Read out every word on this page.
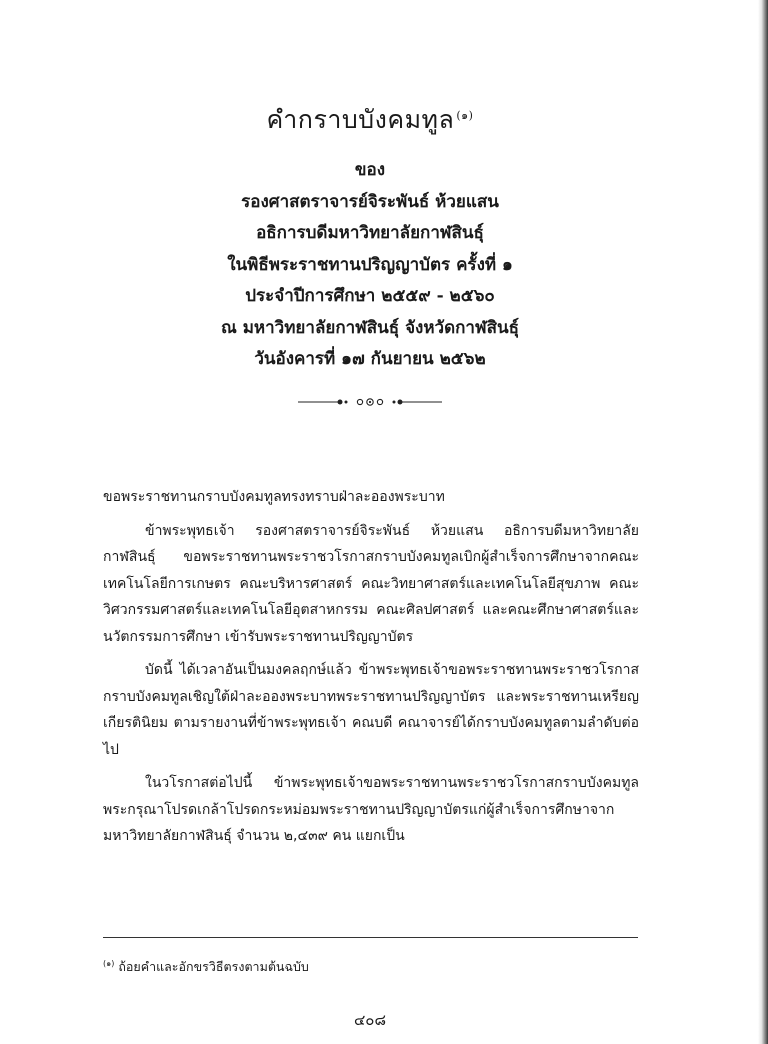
คำกราบบังคมทูล $^{(๑)}$
ของ
รองศาสตราจารย์จิระพันธ์ ห้วยแสน
อธิการบดีมหาวิทยาลัยกาฬสินธุ์
ในพิธีพระราชทานปริญญาบัตร ครั้งที่ ๑
ประจำปีการศึกษา ๒๕๕๙ - ๒๕๖๐
ณ มหาวิทยาลัยกาฬสินธุ์ จังหวัดกาฬสินธุ์
วันอังคารที่ ๑๗ กันยายน ๒๕๖๒

ขอพระราชทานกราบบังคมทูลทรงทราบฝ่าละอองพระบาท

ข้าพระพุทธเจ้า รองศาสตราจารย์จิระพันธ์ ห้วยแสน อธิการบดีมหาวิทยาลัยกาฬสินธุ์ ขอพระราชทานพระราชวโรกาสกราบบังคมทูลเบิกผู้สำเร็จการศึกษาจากคณะเทคโนโลยีการเกษตร คณะบริหารศาสตร์ คณะวิทยาศาสตร์และเทคโนโลยีสุขภาพ คณะวิศวกรรมศาสตร์และเทคโนโลยีอุตสาหกรรม คณะศิลปศาสตร์ และคณะศึกษาศาสตร์และนวัตกรรมการศึกษา เข้ารับพระราชทานปริญญาบัตร

บัดนี้ ได้เวลาอันเป็นมงคลฤกษ์แล้ว ข้าพระพุทธเจ้าขอพระราชทานพระราชวโรกาสกราบบังคมทูลเชิญใต้ฝ่าละอองพระบาทพระราชทานปริญญาบัตร และพระราชทานเหรียญเกียรตินิยม ตามรายงานที่ข้าพระพุทธเจ้า คณบดี คณาจารย์ได้กราบบังคมทูลตามลำดับต่อไป

ในวโรกาสต่อไปนี้ ข้าพระพุทธเจ้าขอพระราชทานพระราชวโรกาสกราบบังคมทูลพระกรุณาโปรดเกล้าโปรดกระหม่อมพระราชทานปริญญาบัตรแก่ผู้สำเร็จการศึกษาจากมหาวิทยาลัยกาฬสินธุ์ จำนวน ๒,๔๓๙ คน แยกเป็น

$^{(๑)}$ ถ้อยคำและอักขรวิธีตรงตามต้นฉบับ
๔๐๘
